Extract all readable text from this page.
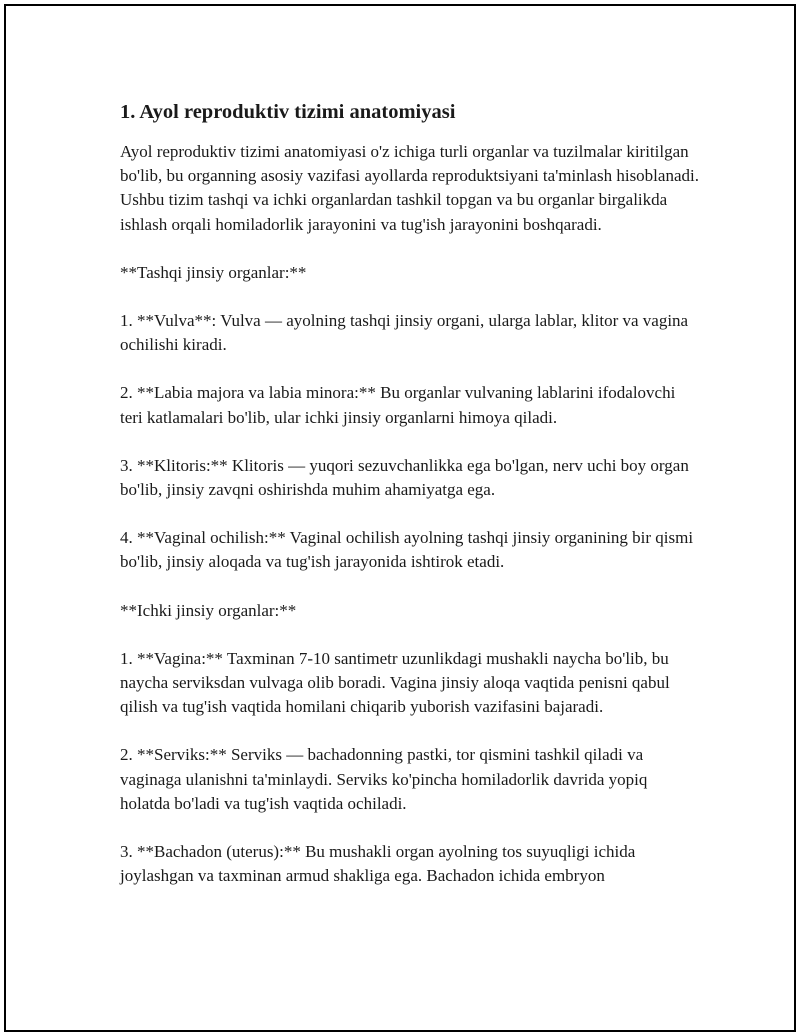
1. Ayol reproduktiv tizimi anatomiyasi

Ayol reproduktiv tizimi anatomiyasi o'z ichiga turli organlar va tuzilmalar kiritilgan bo'lib, bu organning asosiy vazifasi ayollarda reproduktsiyani ta'minlash hisoblanadi. Ushbu tizim tashqi va ichki organlardan tashkil topgan va bu organlar birgalikda ishlash orqali homiladorlik jarayonini va tug'ish jarayonini boshqaradi.

**Tashqi jinsiy organlar:**

1. **Vulva**: Vulva — ayolning tashqi jinsiy organi, ularga lablar, klitor va vagina ochilishi kiradi.

2. **Labia majora va labia minora:** Bu organlar vulvaning lablarini ifodalovchi teri katlamalari bo'lib, ular ichki jinsiy organlarni himoya qiladi.

3. **Klitoris:** Klitoris — yuqori sezuvchanlikka ega bo'lgan, nerv uchi boy organ bo'lib, jinsiy zavqni oshirishda muhim ahamiyatga ega.

4. **Vaginal ochilish:** Vaginal ochilish ayolning tashqi jinsiy organining bir qismi bo'lib, jinsiy aloqada va tug'ish jarayonida ishtirok etadi.

**Ichki jinsiy organlar:**

1. **Vagina:** Taxminan 7-10 santimetr uzunlikdagi mushakli naycha bo'lib, bu naycha serviksdan vulvaga olib boradi. Vagina jinsiy aloqa vaqtida penisni qabul qilish va tug'ish vaqtida homilani chiqarib yuborish vazifasini bajaradi.

2. **Serviks:** Serviks — bachadonning pastki, tor qismini tashkil qiladi va vaginaga ulanishni ta'minlaydi. Serviks ko'pincha homiladorlik davrida yopiq holatda bo'ladi va tug'ish vaqtida ochiladi.

3. **Bachadon (uterus):** Bu mushakli organ ayolning tos suyuqligi ichida joylashgan va taxminan armud shakliga ega. Bachadon ichida embryon
